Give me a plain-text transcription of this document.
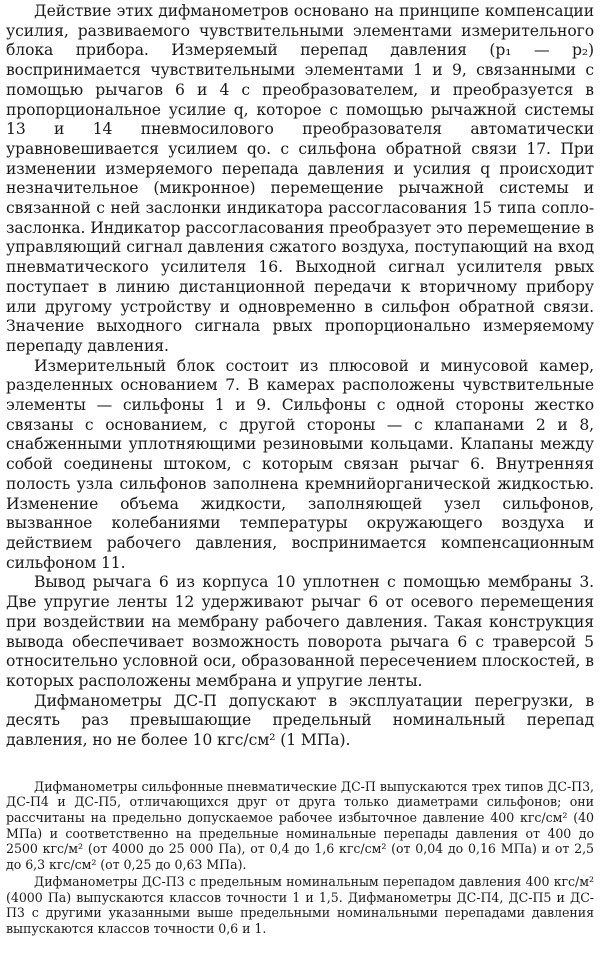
Действие этих дифманометров основано на принципе компенсации усилия, развиваемого чувствительными элементами измерительного блока прибора. Измеряемый перепад давления (p₁ — p₂) воспринимается чувствительными элементами 1 и 9, связанными с помощью рычагов 6 и 4 с преобразователем, и преобразуется в пропорциональное усилие q, которое с помощью рычажной системы 13 и 14 пневмосилового преобразователя автоматически уравновешивается усилием qо. с сильфона обратной связи 17. При изменении измеряемого перепада давления и усилия q происходит незначительное (микронное) перемещение рычажной системы и связанной с ней заслонки индикатора рассогласования 15 типа сопло-заслонка. Индикатор рассогласования преобразует это перемещение в управляющий сигнал давления сжатого воздуха, поступающий на вход пневматического усилителя 16. Выходной сигнал усилителя pвых поступает в линию дистанционной передачи к вторичному прибору или другому устройству и одновременно в сильфон обратной связи. Значение выходного сигнала pвых пропорционально измеряемому перепаду давления.

Измерительный блок состоит из плюсовой и минусовой камер, разделенных основанием 7. В камерах расположены чувствительные элементы — сильфоны 1 и 9. Сильфоны с одной стороны жестко связаны с основанием, с другой стороны — с клапанами 2 и 8, снабженными уплотняющими резиновыми кольцами. Клапаны между собой соединены штоком, с которым связан рычаг 6. Внутренняя полость узла сильфонов заполнена кремнийорганической жидкостью. Изменение объема жидкости, заполняющей узел сильфонов, вызванное колебаниями температуры окружающего воздуха и действием рабочего давления, воспринимается компенсационным сильфоном 11.

Вывод рычага 6 из корпуса 10 уплотнен с помощью мембраны 3. Две упругие ленты 12 удерживают рычаг 6 от осевого перемещения при воздействии на мембрану рабочего давления. Такая конструкция вывода обеспечивает возможность поворота рычага 6 с траверсой 5 относительно условной оси, образованной пересечением плоскостей, в которых расположены мембрана и упругие ленты.

Дифманометры ДС-П допускают в эксплуатации перегрузки, в десять раз превышающие предельный номинальный перепад давления, но не более 10 кгс/см² (1 МПа).

Дифманометры сильфонные пневматические ДС-П выпускаются трех типов ДС-П3, ДС-П4 и ДС-П5, отличающихся друг от друга только диаметрами сильфонов; они рассчитаны на предельно допускаемое рабочее избыточное давление 400 кгс/см² (40 МПа) и соответственно на предельные номинальные перепады давления от 400 до 2500 кгс/м² (от 4000 до 25 000 Па), от 0,4 до 1,6 кгс/см² (от 0,04 до 0,16 МПа) и от 2,5 до 6,3 кгс/см² (от 0,25 до 0,63 МПа).

Дифманометры ДС-П3 с предельным номинальным перепадом давления 400 кгс/м² (4000 Па) выпускаются классов точности 1 и 1,5. Дифманометры ДС-П4, ДС-П5 и ДС-П3 с другими указанными выше предельными номинальными перепадами давления выпускаются классов точности 0,6 и 1.
